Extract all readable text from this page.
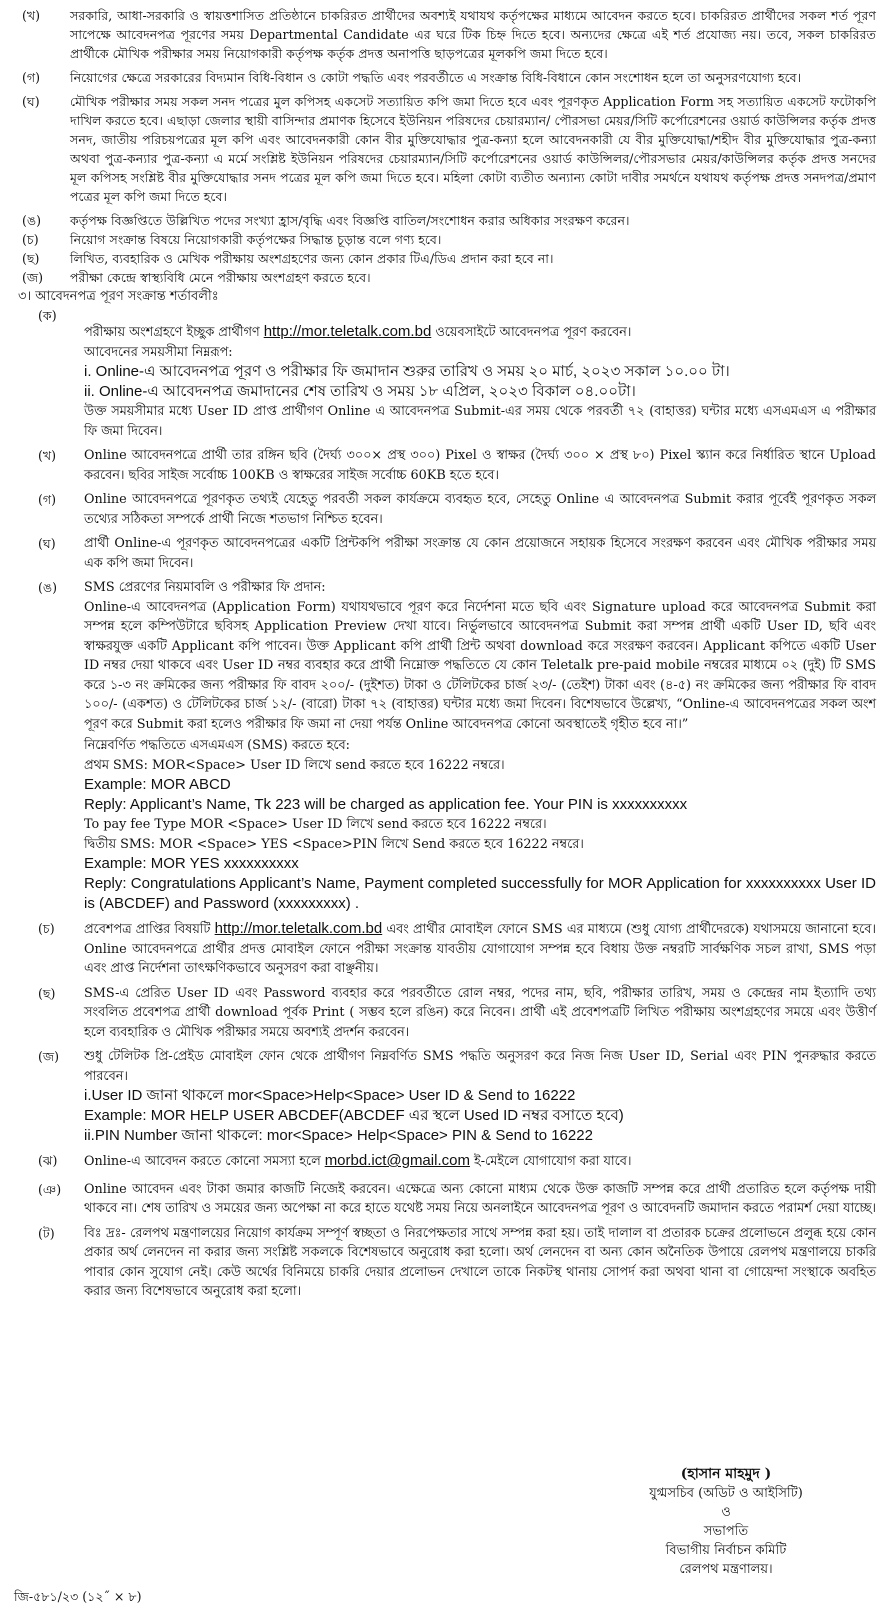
(খ)	সরকারি, আধা-সরকারি ও স্বায়ত্তশাসিত প্রতিষ্ঠানে চাকরিরত প্রার্থীদের অবশ্যই যথাযথ কর্তৃপক্ষের মাধ্যমে আবেদন করতে হবে। চাকরিরত প্রার্থীদের সকল শর্ত পূরণ সাপেক্ষে আবেদনপত্র পূরণের সময় Departmental Candidate এর ঘরে টিক চিহ্ন দিতে হবে। অন্যদের ক্ষেত্রে এই শর্ত প্রযোজ্য নয়। তবে, সকল চাকরিরত প্রার্থীকে মৌখিক পরীক্ষার সময় নিয়োগকারী কর্তৃপক্ষ কর্তৃক প্রদত্ত অনাপত্তি ছাড়পত্রের মূলকপি জমা দিতে হবে।
(গ)	নিয়োগের ক্ষেত্রে সরকারের বিদ্যমান বিধি-বিধান ও কোটা পদ্ধতি এবং পরবর্তীতে এ সংক্রান্ত বিধি-বিধানে কোন সংশোধন হলে তা অনুসরণযোগ্য হবে।
(ঘ)	মৌখিক পরীক্ষার সময় সকল সনদ পত্রের মুল কপিসহ একসেট সত্যায়িত কপি জমা দিতে হবে এবং পূরণকৃত Application Form সহ সত্যায়িত একসেট ফটোকপি দাখিল করতে হবে। এছাড়া জেলার স্থায়ী বাসিন্দার প্রমাণক হিসেবে ইউনিয়ন পরিষদের চেয়ারম্যান/ পৌরসভা মেয়র/সিটি কর্পোরেশনের ওয়ার্ড কাউন্সিলর কর্তৃক প্রদত্ত সনদ, জাতীয় পরিচয়পত্রের মূল কপি এবং আবেদনকারী কোন বীর মুক্তিযোদ্ধার পুত্র-কন্যা হলে আবেদনকারী যে বীর মুক্তিযোদ্ধা/শহীদ বীর মুক্তিযোদ্ধার পুত্র-কন্যা অথবা পুত্র-কন্যার পুত্র-কন্যা এ মর্মে সংশ্লিষ্ট ইউনিয়ন পরিষদের চেয়ারম্যান/সিটি কর্পোরেশনের ওয়ার্ড কাউন্সিলর/পৌরসভার মেয়র/কাউন্সিলর কর্তৃক প্রদত্ত সনদের মূল কপিসহ সংশ্লিষ্ট বীর মুক্তিযোদ্ধার সনদ পত্রের মূল কপি জমা দিতে হবে। মহিলা কোটা ব্যতীত অন্যান্য কোটা দাবীর সমর্থনে যথাযথ কর্তৃপক্ষ প্রদত্ত সনদপত্র/প্রমাণ পত্রের মূল কপি জমা দিতে হবে।
(ঙ)	কর্তৃপক্ষ বিজ্ঞপ্তিতে উল্লিখিত পদের সংখ্যা হ্রাস/বৃদ্ধি এবং বিজ্ঞপ্তি বাতিল/সংশোধন করার অধিকার সংরক্ষণ করেন।
(চ)	নিয়োগ সংক্রান্ত বিষয়ে নিয়োগকারী কর্তৃপক্ষের সিদ্ধান্ত চূড়ান্ত বলে গণ্য হবে।
(ছ)	লিখিত, ব্যবহারিক ও মেখিক পরীক্ষায় অংশগ্রহণের জন্য কোন প্রকার টিএ/ডিএ প্রদান করা হবে না।
(জ)	পরীক্ষা কেন্দ্রে স্বাস্থ্যবিধি মেনে পরীক্ষায় অংশগ্রহণ করতে হবে।
৩। আবেদনপত্র পূরণ সংক্রান্ত শর্তাবলীঃ
(ক)
পরীক্ষায় অংশগ্রহণে ইচ্ছুক প্রার্থীগণ http://mor.teletalk.com.bd ওয়েবসাইটে আবেদনপত্র পূরণ করবেন।
আবেদনের সময়সীমা নিম্নরূপ:
i. Online-এ আবেদনপত্র পূরণ ও পরীক্ষার ফি জমাদান শুরুর তারিখ ও সময় ২০ মার্চ, ২০২৩ সকাল ১০.০০ টা।
ii. Online-এ আবেদনপত্র জমাদানের শেষ তারিখ ও সময় ১৮ এপ্রিল, ২০২৩ বিকাল ০৪.০০টা।
উক্ত সময়সীমার মধ্যে User ID প্রাপ্ত প্রার্থীগণ Online এ আবেদনপত্র Submit-এর সময় থেকে পরবর্তী ৭২ (বাহাত্তর) ঘন্টার মধ্যে এসএমএস এ পরীক্ষার ফি জমা দিবেন।
(খ)	Online আবেদনপত্রে প্রার্থী তার রঙ্গিন ছবি (দৈর্ঘ্য ৩০০× প্রস্থ ৩০০) Pixel ও স্বাক্ষর (দৈর্ঘ্য ৩০০ × প্রস্থ ৮০) Pixel স্ক্যান করে নির্ধারিত স্থানে Upload করবেন। ছবির সাইজ সর্বোচ্চ 100KB ও স্বাক্ষরের সাইজ সর্বোচ্চ 60KB হতে হবে।
(গ)	Online আবেদনপত্রে পূরণকৃত তথ্যই যেহেতু পরবর্তী সকল কার্যক্রমে ব্যবহৃত হবে, সেহেতু Online এ আবেদনপত্র Submit করার পূর্বেই পূরণকৃত সকল তথ্যের সঠিকতা সম্পর্কে প্রার্থী নিজে শতভাগ নিশ্চিত হবেন।
(ঘ)	প্রার্থী Online-এ পূরণকৃত আবেদনপত্রের একটি প্রিন্টকপি পরীক্ষা সংক্রান্ত যে কোন প্রয়োজনে সহায়ক হিসেবে সংরক্ষণ করবেন এবং মৌখিক পরীক্ষার সময় এক কপি জমা দিবেন।
(ঙ)	SMS প্রেরণের নিয়মাবলি ও পরীক্ষার ফি প্রদান:
Online-এ আবেদনপত্র (Application Form) যথাযথভাবে পূরণ করে নির্দেশনা মতে ছবি এবং Signature upload করে আবেদনপত্র Submit করা সম্পন্ন হলে কম্পিউটারে ছবিসহ Application Preview দেখা যাবে। নির্ভুলভাবে আবেদনপত্র Submit করা সম্পন্ন প্রার্থী একটি User ID, ছবি এবং স্বাক্ষরযুক্ত একটি Applicant কপি পাবেন। উক্ত Applicant কপি প্রার্থী প্রিন্ট অথবা download করে সংরক্ষণ করবেন। Applicant কপিতে একটি User ID নম্বর দেয়া থাকবে এবং User ID নম্বর ব্যবহার করে প্রার্থী নিম্নোক্ত পদ্ধতিতে যে কোন Teletalk pre-paid mobile নম্বরের মাধ্যমে ০২ (দুই) টি SMS করে ১-৩ নং ক্রমিকের জন্য পরীক্ষার ফি বাবদ ২০০/- (দুইশত) টাকা ও টেলিটকের চার্জ ২৩/- (তেইশ) টাকা এবং (৪-৫) নং ক্রমিকের জন্য পরীক্ষার ফি বাবদ ১০০/- (একশত) ও টেলিটকের চার্জ ১২/- (বারো) টাকা ৭২ (বাহাত্তর) ঘন্টার মধ্যে জমা দিবেন। বিশেষভাবে উল্লেখ্য, “Online-এ আবেদনপত্রের সকল অংশ পূরণ করে Submit করা হলেও পরীক্ষার ফি জমা না দেয়া পর্যন্ত Online আবেদনপত্র কোনো অবস্থাতেই গৃহীত হবে না।”
নিম্নেবর্ণিত পদ্ধতিতে এসএমএস (SMS) করতে হবে:
প্রথম SMS: MOR<Space> User ID লিখে send করতে হবে 16222 নম্বরে।
Example: MOR ABCD
Reply: Applicant’s Name, Tk 223 will be charged as application fee. Your PIN is xxxxxxxxxx
To pay fee Type MOR <Space> User ID লিখে send করতে হবে 16222 নম্বরে।
দ্বিতীয় SMS: MOR <Space> YES <Space>PIN লিখে Send করতে হবে 16222 নম্বরে।
Example: MOR YES xxxxxxxxxx
Reply: Congratulations Applicant’s Name, Payment completed successfully for MOR Application for xxxxxxxxxx User ID is (ABCDEF) and Password (xxxxxxxxx) .
(চ)	প্রবেশপত্র প্রাপ্তির বিষয়টি http://mor.teletalk.com.bd এবং প্রার্থীর মোবাইল ফোনে SMS এর মাধ্যমে (শুধু যোগ্য প্রার্থীদেরকে) যথাসময়ে জানানো হবে। Online আবেদনপত্রে প্রার্থীর প্রদত্ত মোবাইল ফোনে পরীক্ষা সংক্রান্ত যাবতীয় যোগাযোগ সম্পন্ন হবে বিধায় উক্ত নম্বরটি সার্বক্ষণিক সচল রাখা, SMS পড়া এবং প্রাপ্ত নির্দেশনা তাৎক্ষণিকভাবে অনুসরণ করা বাঞ্ছনীয়।
(ছ)	SMS-এ প্রেরিত User ID এবং Password ব্যবহার করে পরবর্তীতে রোল নম্বর, পদের নাম, ছবি, পরীক্ষার তারিখ, সময় ও কেন্দ্রের নাম ইত্যাদি তথ্য সংবলিত প্রবেশপত্র প্রার্থী download পূর্বক Print ( সম্ভব হলে রঙিন) করে নিবেন। প্রার্থী এই প্রবেশপত্রটি লিখিত পরীক্ষায় অংশগ্রহণের সময়ে এবং উত্তীর্ণ হলে ব্যবহারিক ও মৌখিক পরীক্ষার সময়ে অবশ্যই প্রদর্শন করবেন।
(জ)	শুধু টেলিটক প্রি-প্রেইড মোবাইল ফোন থেকে প্রার্থীগণ নিম্নবর্ণিত SMS পদ্ধতি অনুসরণ করে নিজ নিজ User ID, Serial এবং PIN পুনরুদ্ধার করতে পারবেন।
i.User ID জানা থাকলে mor<Space>Help<Space> User ID & Send to 16222
Example: MOR HELP USER ABCDEF(ABCDEF এর স্থলে Used ID নম্বর বসাতে হবে)
ii.PIN Number জানা থাকলে: mor<Space> Help<Space> PIN & Send to 16222
(ঝ)	Online-এ আবেদন করতে কোনো সমস্যা হলে morbd.ict@gmail.com ই-মেইলে যোগাযোগ করা যাবে।
(ঞ)	Online আবেদন এবং টাকা জমার কাজটি নিজেই করবেন। এক্ষেত্রে অন্য কোনো মাধ্যম থেকে উক্ত কাজটি সম্পন্ন করে প্রার্থী প্রতারিত হলে কর্তৃপক্ষ দায়ী থাকবে না। শেষ তারিখ ও সময়ের জন্য অপেক্ষা না করে হাতে যথেষ্ট সময় নিয়ে অনলাইনে আবেদনপত্র পূরণ ও আবেদনটি জমাদান করতে পরামর্শ দেয়া যাচ্ছে।
(ট)	বিঃ দ্রঃ- রেলপথ মন্ত্রণালয়ের নিয়োগ কার্যক্রম সম্পূর্ণ স্বচ্ছতা ও নিরপেক্ষতার সাথে সম্পন্ন করা হয়। তাই দালাল বা প্রতারক চক্রের প্রলোভনে প্রলুব্ধ হয়ে কোন প্রকার অর্থ লেনদেন না করার জন্য সংশ্লিষ্ট সকলকে বিশেষভাবে অনুরোধ করা হলো। অর্থ লেনদেন বা অন্য কোন অনৈতিক উপায়ে রেলপথ মন্ত্রণালয়ে চাকরি পাবার কোন সুযোগ নেই। কেউ অর্থের বিনিময়ে চাকরি দেয়ার প্রলোভন দেখালে তাকে নিকটস্থ থানায় সোপর্দ করা অথবা থানা বা গোয়েন্দা সংস্থাকে অবহিত করার জন্য বিশেষভাবে অনুরোধ করা হলো।
(হাসান মাহমুদ )
যুগ্মসচিব (অডিট ও আইসিটি)
ও
সভাপতি
বিভাগীয় নির্বাচন কমিটি
রেলপথ মন্ত্রণালয়।
জি-৫৮১/২৩ (১২˝ × ৮)
